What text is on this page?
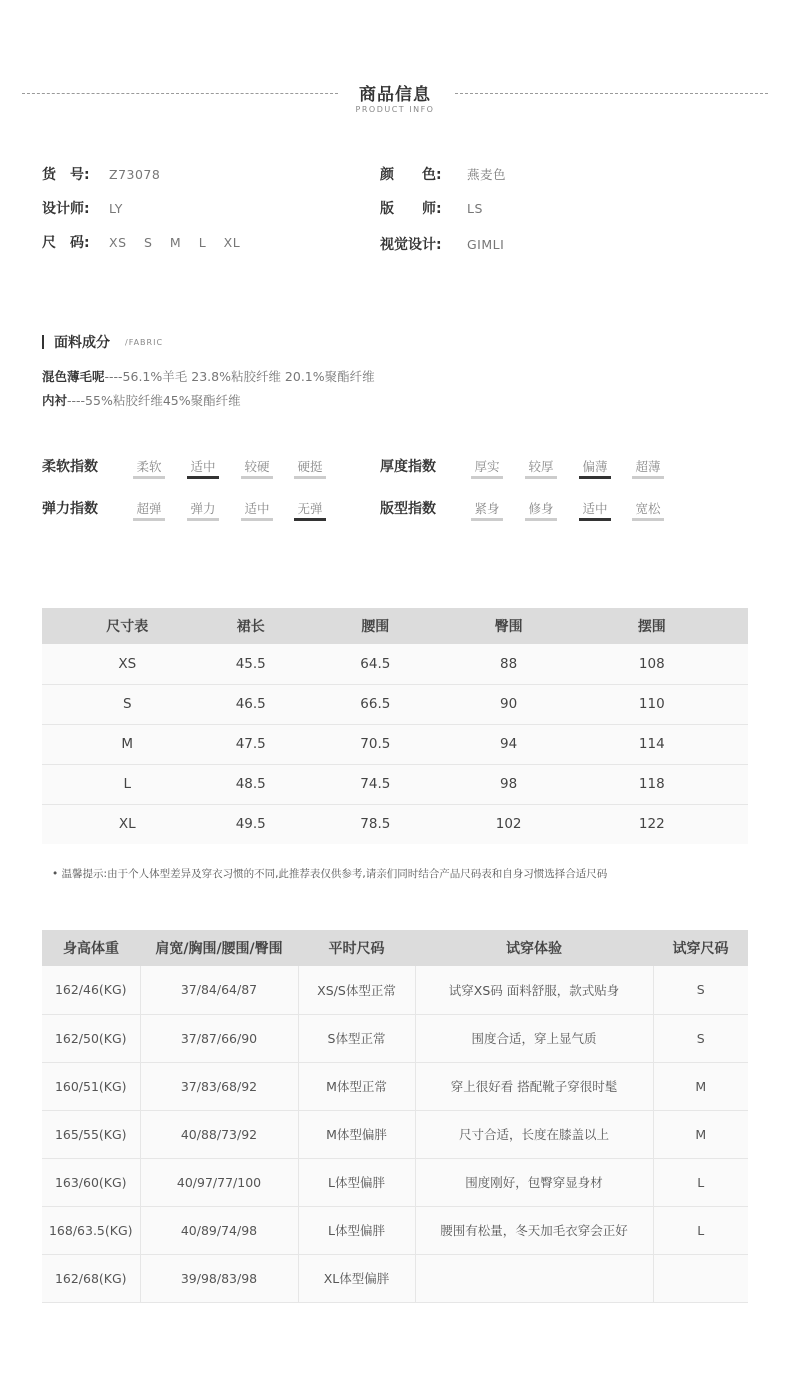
商品信息
PRODUCT INFO
货　号: Z73078	颜　　色: 燕麦色
设计师: LY	版　　师: LS
尺　码: XS S M L XL	视觉设计: GIMLI
面料成分 /FABRIC
混色薄毛呢----56.1%羊毛 23.8%粘胶纤维 20.1%聚酯纤维
内衬----55%粘胶纤维45%聚酯纤维
柔软指数	柔软 适中 较硬 硬挺	厚度指数	厚实 较厚 偏薄 超薄
弹力指数	超弹 弹力 适中 无弹	版型指数	紧身 修身 适中 宽松
尺寸表	裙长	腰围	臀围	摆围
XS	45.5	64.5	88	108
S	46.5	66.5	90	110
M	47.5	70.5	94	114
L	48.5	74.5	98	118
XL	49.5	78.5	102	122
• 温馨提示:由于个人体型差异及穿衣习惯的不同,此推荐表仅供参考,请亲们同时结合产品尺码表和自身习惯选择合适尺码
身高体重	肩宽/胸围/腰围/臀围	平时尺码	试穿体验	试穿尺码
162/46(KG)	37/84/64/87	XS/S体型正常	试穿XS码 面料舒服，款式贴身	S
162/50(KG)	37/87/66/90	S体型正常	围度合适，穿上显气质	S
160/51(KG)	37/83/68/92	M体型正常	穿上很好看 搭配靴子穿很时髦	M
165/55(KG)	40/88/73/92	M体型偏胖	尺寸合适，长度在膝盖以上	M
163/60(KG)	40/97/77/100	L体型偏胖	围度刚好，包臀穿显身材	L
168/63.5(KG)	40/89/74/98	L体型偏胖	腰围有松量，冬天加毛衣穿会正好	L
162/68(KG)	39/98/83/98	XL体型偏胖		
